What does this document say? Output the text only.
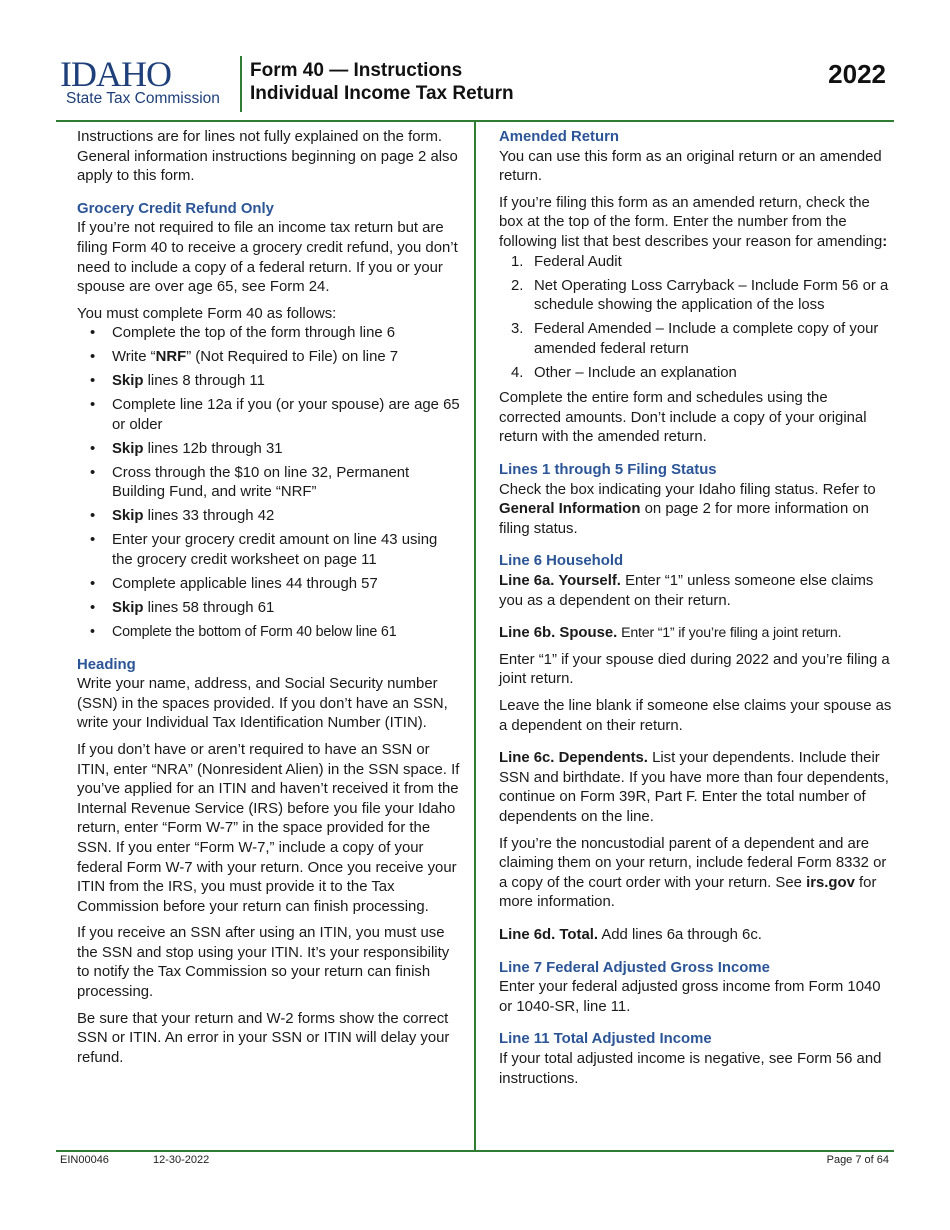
IDAHO
State Tax Commission
Form 40 — Instructions
Individual Income Tax Return
2022

Instructions are for lines not fully explained on the form. General information instructions beginning on page 2 also apply to this form.

Grocery Credit Refund Only

If you’re not required to file an income tax return but are filing Form 40 to receive a grocery credit refund, you don’t need to include a copy of a federal return. If you or your spouse are over age 65, see Form 24.

You must complete Form 40 as follows:

• Complete the top of the form through line 6
• Write “NRF” (Not Required to File) on line 7
• Skip lines 8 through 11
• Complete line 12a if you (or your spouse) are age 65 or older
• Skip lines 12b through 31
• Cross through the $10 on line 32, Permanent Building Fund, and write “NRF”
• Skip lines 33 through 42
• Enter your grocery credit amount on line 43 using the grocery credit worksheet on page 11
• Complete applicable lines 44 through 57
• Skip lines 58 through 61
• Complete the bottom of Form 40 below line 61
Heading

Write your name, address, and Social Security number (SSN) in the spaces provided. If you don’t have an SSN, write your Individual Tax Identification Number (ITIN).

If you don’t have or aren’t required to have an SSN or ITIN, enter “NRA” (Nonresident Alien) in the SSN space. If you’ve applied for an ITIN and haven’t received it from the Internal Revenue Service (IRS) before you file your Idaho return, enter “Form W-7” in the space provided for the SSN. If you enter “Form W-7,” include a copy of your federal Form W-7 with your return. Once you receive your ITIN from the IRS, you must provide it to the Tax Commission before your return can finish processing.

If you receive an SSN after using an ITIN, you must use the SSN and stop using your ITIN. It’s your responsibility to notify the Tax Commission so your return can finish processing.

Be sure that your return and W-2 forms show the correct SSN or ITIN. An error in your SSN or ITIN will delay your refund.

Amended Return

You can use this form as an original return or an amended return.

If you’re filing this form as an amended return, check the box at the top of the form. Enter the number from the following list that best describes your reason for amending:

1. Federal Audit
2. Net Operating Loss Carryback – Include Form 56 or a schedule showing the application of the loss
3. Federal Amended – Include a complete copy of your amended federal return
4. Other – Include an explanation

Complete the entire form and schedules using the corrected amounts. Don’t include a copy of your original return with the amended return.

Lines 1 through 5 Filing Status

Check the box indicating your Idaho filing status. Refer to General Information on page 2 for more information on filing status.

Line 6 Household

Line 6a. Yourself. Enter “1” unless someone else claims you as a dependent on their return.

Line 6b. Spouse. Enter “1” if you’re filing a joint return.

Enter “1” if your spouse died during 2022 and you’re filing a joint return.

Leave the line blank if someone else claims your spouse as a dependent on their return.

Line 6c. Dependents. List your dependents. Include their SSN and birthdate. If you have more than four dependents, continue on Form 39R, Part F. Enter the total number of dependents on the line.

If you’re the noncustodial parent of a dependent and are claiming them on your return, include federal Form 8332 or a copy of the court order with your return. See irs.gov for more information.

Line 6d. Total. Add lines 6a through 6c.

Line 7 Federal Adjusted Gross Income

Enter your federal adjusted gross income from Form 1040 or 1040-SR, line 11.

Line 11 Total Adjusted Income

If your total adjusted income is negative, see Form 56 and instructions.

EIN00046	12-30-2022	Page 7 of 64
